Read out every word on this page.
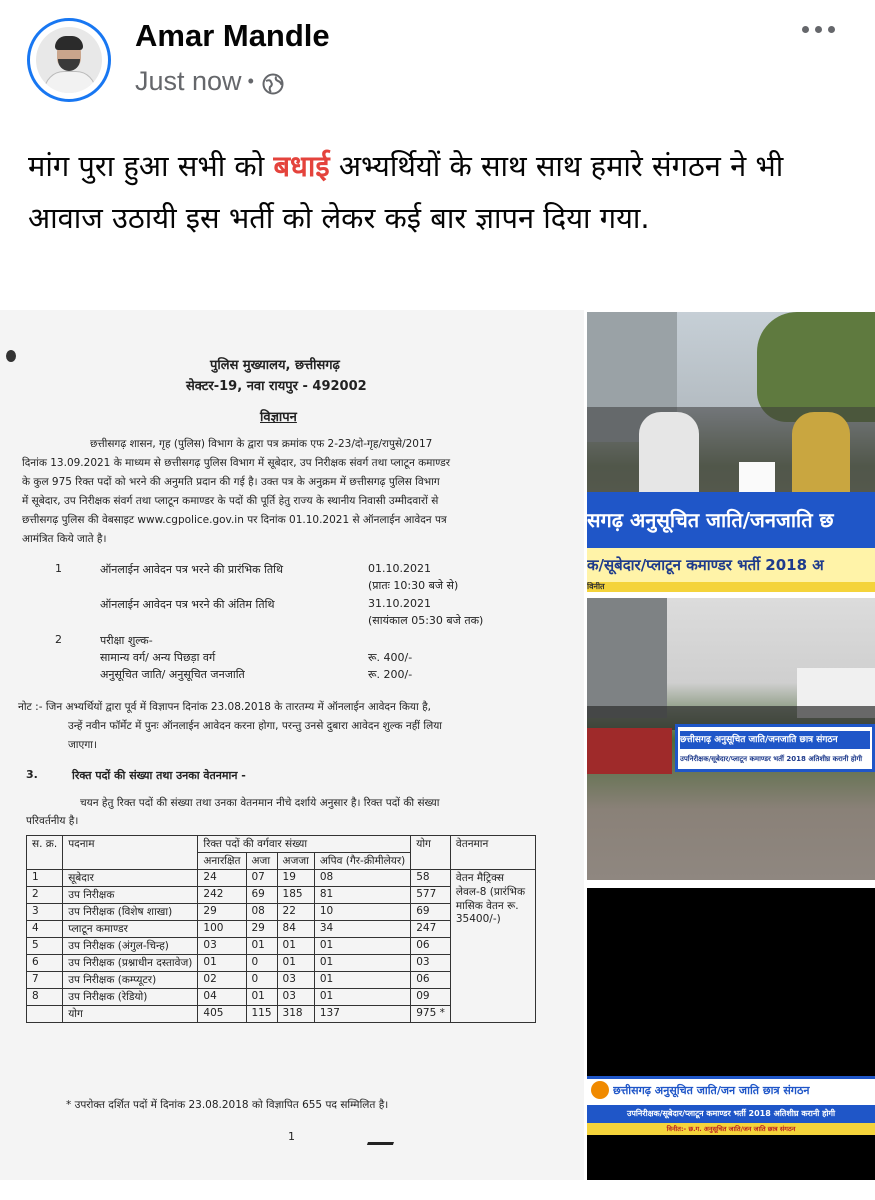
Amar Mandle
Just now •
मांग पुरा हुआ सभी को बधाई अभ्यर्थियों के साथ साथ हमारे संगठन ने भी आवाज उठायी इस भर्ती को लेकर कई बार ज्ञापन दिया गया.
पुलिस मुख्यालय, छत्तीसगढ़
सेक्टर-19, नवा रायपुर - 492002
विज्ञापन
छत्तीसगढ़ शासन, गृह (पुलिस) विभाग के द्वारा पत्र क्रमांक एफ 2-23/दो-गृह/रापुसे/2017
दिनांक 13.09.2021 के माध्यम से छत्तीसगढ़ पुलिस विभाग में सूबेदार, उप निरीक्षक संवर्ग तथा प्लाटून कमाण्डर
के कुल 975 रिक्त पदों को भरने की अनुमति प्रदान की गई है। उक्त पत्र के अनुक्रम में छत्तीसगढ़ पुलिस विभाग
में सूबेदार, उप निरीक्षक संवर्ग तथा प्लाटून कमाण्डर के पदों की पूर्ति हेतु राज्य के स्थानीय निवासी उम्मीदवारों से
छत्तीसगढ़ पुलिस की वेबसाइट www.cgpolice.gov.in पर दिनांक 01.10.2021 से ऑनलाईन आवेदन पत्र
आमंत्रित किये जाते है।
1	ऑनलाईन आवेदन पत्र भरने की प्रारंभिक तिथि	01.10.2021
(प्रातः 10:30 बजे से)
ऑनलाईन आवेदन पत्र भरने की अंतिम तिथि	31.10.2021
(सायंकाल 05:30 बजे तक)
2	परीक्षा शुल्क-
सामान्य वर्ग/ अन्य पिछड़ा वर्ग	रू. 400/-
अनुसूचित जाति/ अनुसूचित जनजाति	रू. 200/-
नोट :- जिन अभ्यर्थियों द्वारा पूर्व में विज्ञापन दिनांक 23.08.2018 के तारतम्य में ऑनलाईन आवेदन किया है,
उन्हें नवीन फॉर्मेट में पुनः ऑनलाईन आवेदन करना होगा, परन्तु उनसे दुबारा आवेदन शुल्क नहीं लिया
जाएगा।
3.	रिक्त पदों की संख्या तथा उनका वेतनमान -
चयन हेतु रिक्त पदों की संख्या तथा उनका वेतनमान नीचे दर्शाये अनुसार है। रिक्त पदों की संख्या
परिवर्तनीय है।
स. क्र.	पदनाम	रिक्त पदों की वर्गवार संख्या				योग	वेतनमान
		अनारक्षित	अजा	अजजा	अपिव (गैर-क्रीमीलेयर)		
1	सूबेदार	24	07	19	08	58	वेतन मैट्रिक्स लेवल-8 (प्रारंभिक मासिक वेतन रू. 35400/-)
2	उप निरीक्षक	242	69	185	81	577	
3	उप निरीक्षक (विशेष शाखा)	29	08	22	10	69	
4	प्लाटून कमाण्डर	100	29	84	34	247	
5	उप निरीक्षक (अंगुल-चिन्ह)	03	01	01	01	06	
6	उप निरीक्षक (प्रश्नाधीन दस्तावेज)	01	0	01	01	03	
7	उप निरीक्षक (कम्प्यूटर)	02	0	03	01	06	
8	उप निरीक्षक (रेडियो)	04	01	03	01	09	
	योग	405	115	318	137	975 *	
* उपरोक्त दर्शित पदों में दिनांक 23.08.2018 को विज्ञापित 655 पद सम्मिलित है।
1
सगढ़ अनुसूचित जाति/जनजाति छ
क/सूबेदार/प्लाटून कमाण्डर भर्ती 2018 अ
विनीत
छत्तीसगढ़ अनुसूचित जाति/जनजाति छात्र संगठन
उपनिरीक्षक/सूबेदार/प्लाटून कमाण्डर भर्ती 2018 अतिशीघ्र करानी होगी
छत्तीसगढ़ अनुसूचित जाति/जन जाति छात्र संगठन
उपनिरीक्षक/सूबेदार/प्लाटून कमाण्डर भर्ती 2018 अतिशीघ्र करानी होगी
विनीत:- छ.ग. अनुसूचित जाति/जन जाति छात्र संगठन
